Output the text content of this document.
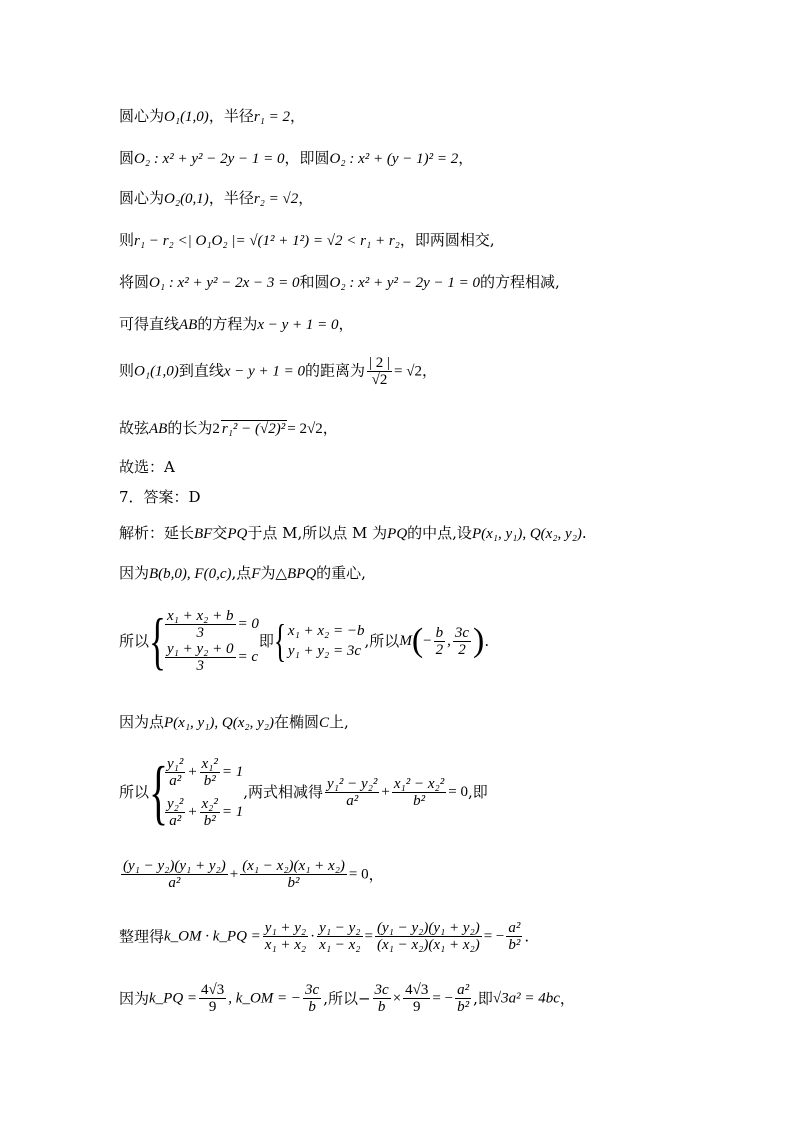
圆心为O₁(1,0)，半径r₁ = 2，
圆O₂ : x² + y² − 2y − 1 = 0，即圆O₂ : x² + (y − 1)² = 2，
圆心为O₂(0,1)，半径r₂ = √2，
则r₁ − r₂ <| O₁O₂ |= √(1² + 1²) = √2 < r₁ + r₂，即两圆相交,
将圆O₁ : x² + y² − 2x − 3 = 0和圆O₂ : x² + y² − 2y − 1 = 0的方程相减,
可得直线AB的方程为x − y + 1 = 0，
则O₁(1,0)到直线x − y + 1 = 0的距离为 $\frac{| 2 |}{√2} = √2$，
故弦AB的长为2 r₁² − (√2)² = 2√2，
故选：A
7．答案：D
解析：延长BF交PQ于点 M,所以点 M 为PQ的中点,设P(x₁, y₁), Q(x₂, y₂).
因为B(b,0), F(0,c),点F为△BPQ的重心,
所以{ $\frac{\text{x₁ + x₂ + b}}{3} = 0$
$\frac{\text{y₁ + y₂ + 0}}{3} = c$
即{ x₁ + x₂ = −b
y₁ + y₂ = 3c
,所以$M(- \frac{b}{2}$ , $\frac{3c}{2}$ ).
因为点P(x₁, y₁), Q(x₂, y₂)在椭圆C上,
所以{
$\frac{\text{y₁²}}{\text{a²}} + \frac{\text{x₁²}}{\text{b²}} = 1$
$\frac{\text{y₂²}}{\text{a²}} + \frac{\text{x₂²}}{\text{b²}} = 1$
,两式相减得 $\frac{\text{y₁² − y₂²}}{\text{a²}} + \frac{\text{x₁² − x₂²}}{\text{b²}} = 0$,即
$\frac{\text{(y₁ − y₂)(y₁ + y₂)}}{\text{a²}} + \frac{\text{(x₁ − x₂)(x₁ + x₂)}}{\text{b²}} = 0$，
整理得k_OM · k_PQ = $\frac{\text{y₁ + y₂}}{\text{x₁ + x₂}} \cdot \frac{\text{y₁ − y₂}}{\text{x₁ − x₂}} = \frac{\text{(y₁ − y₂)(y₁ + y₂)}}{\text{(x₁ − x₂)(x₁ + x₂)}}$ = − $\frac{\text{a²}}{\text{b²}}$ .
因为k_PQ = $\frac{4√3}{9}$ , k_OM = − $\frac{3c}{b}$ ,所以− $\frac{3c}{b} \times \frac{4√3}{9}$ = − $\frac{\text{a²}}{\text{b²}}$ ,即√3a² = 4bc，
